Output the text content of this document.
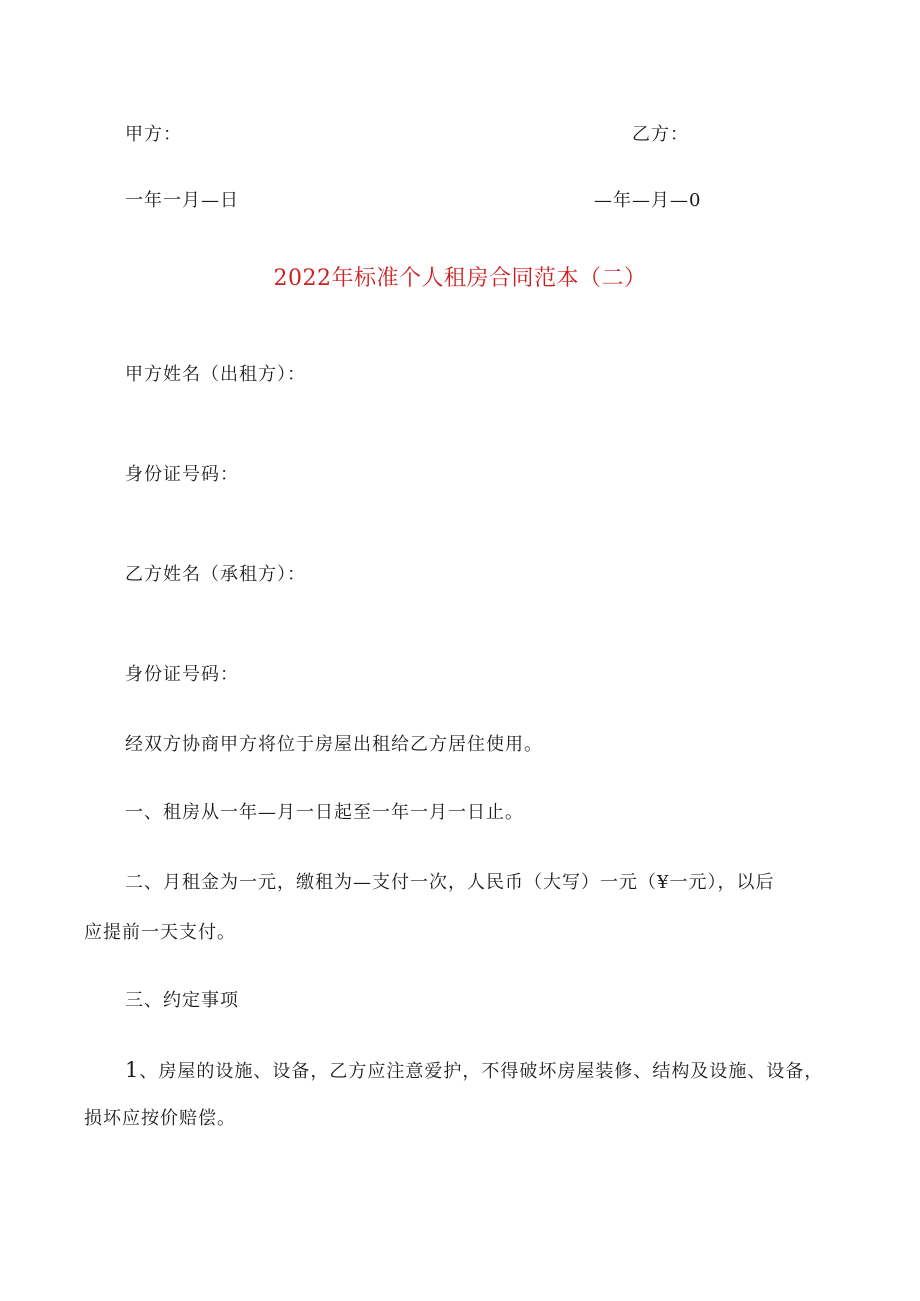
甲方：	乙方：
一年一月—日	—年—月—0
2022年标准个人租房合同范本（二）
甲方姓名（出租方）：
身份证号码：
乙方姓名（承租方）：
身份证号码：
经双方协商甲方将位于房屋出租给乙方居住使用。
一、租房从一年—月一日起至一年一月一日止。
二、月租金为一元，缴租为—支付一次，人民币（大写）一元（¥一元），以后
应提前一天支付。
三、约定事项
1、房屋的设施、设备，乙方应注意爱护，不得破坏房屋装修、结构及设施、设备，
损坏应按价赔偿。
